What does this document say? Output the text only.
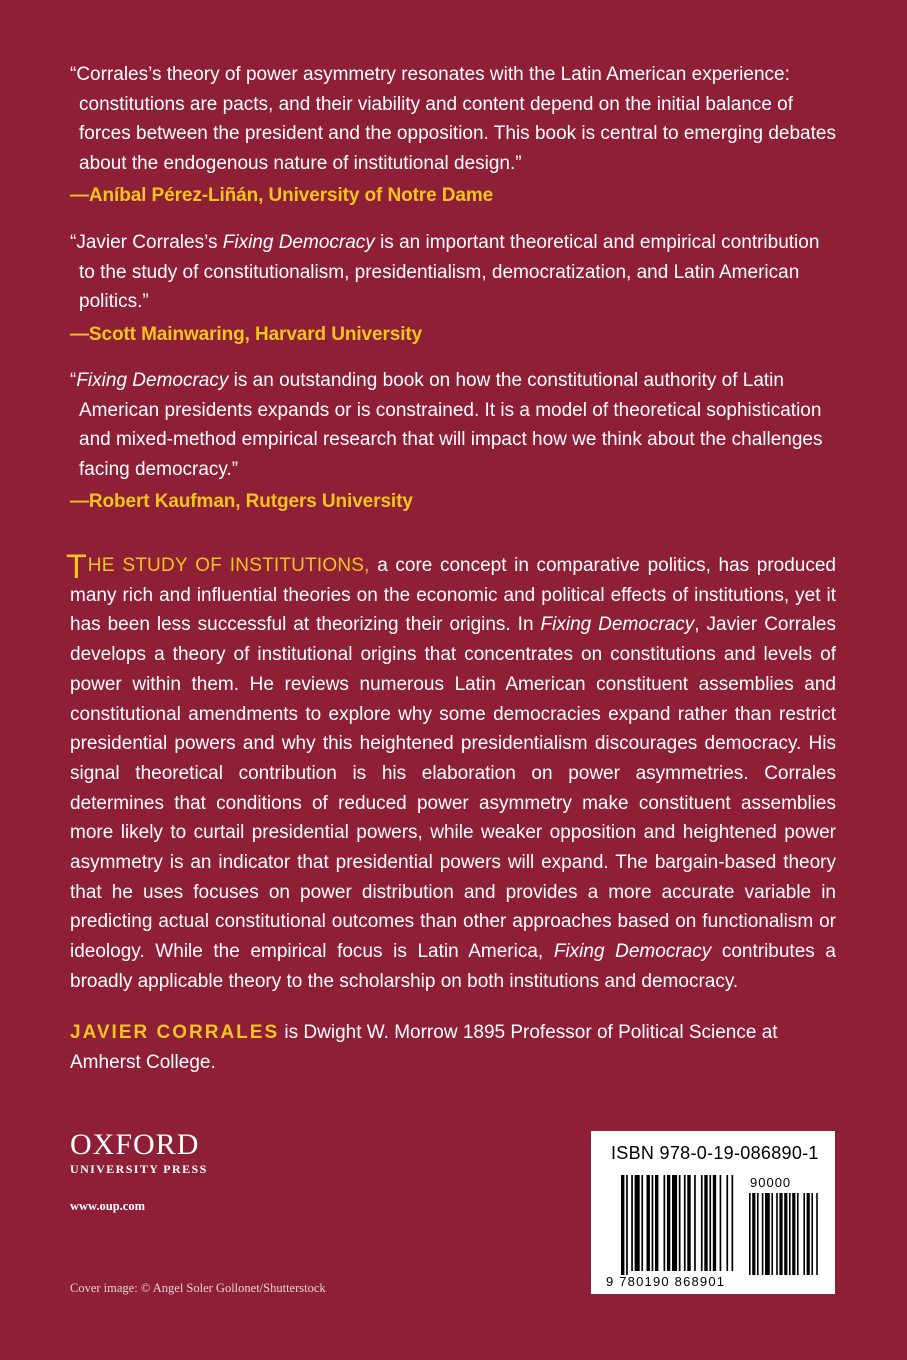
“Corrales’s theory of power asymmetry resonates with the Latin American experience: constitutions are pacts, and their viability and content depend on the initial balance of forces between the president and the opposition. This book is central to emerging debates about the endogenous nature of institutional design.”

—Aníbal Pérez-Liñán, University of Notre Dame

“Javier Corrales’s Fixing Democracy is an important theoretical and empirical contribution to the study of constitutionalism, presidentialism, democratization, and Latin American politics.”

—Scott Mainwaring, Harvard University

“Fixing Democracy is an outstanding book on how the constitutional authority of Latin American presidents expands or is constrained. It is a model of theoretical sophistication and mixed-method empirical research that will impact how we think about the challenges facing democracy.”

—Robert Kaufman, Rutgers University

THE STUDY OF INSTITUTIONS, a core concept in comparative politics, has produced many rich and influential theories on the economic and political effects of institutions, yet it has been less successful at theorizing their origins. In Fixing Democracy, Javier Corrales develops a theory of institutional origins that concentrates on constitutions and levels of power within them. He reviews numerous Latin American constituent assemblies and constitutional amendments to explore why some democracies expand rather than restrict presidential powers and why this heightened presidentialism discourages democracy. His signal theoretical contribution is his elaboration on power asymmetries. Corrales determines that conditions of reduced power asymmetry make constituent assemblies more likely to curtail presidential powers, while weaker opposition and heightened power asymmetry is an indicator that presidential powers will expand. The bargain-based theory that he uses focuses on power distribution and provides a more accurate variable in predicting actual constitutional outcomes than other approaches based on functionalism or ideology. While the empirical focus is Latin America, Fixing Democracy contributes a broadly applicable theory to the scholarship on both institutions and democracy.

JAVIER CORRALES is Dwight W. Morrow 1895 Professor of Political Science at Amherst College.

OXFORD
UNIVERSITY PRESS
www.oup.com
Cover image: © Angel Soler Gollonet/Shutterstock
ISBN 978-0-19-086890-1
90000
9 780190 868901
